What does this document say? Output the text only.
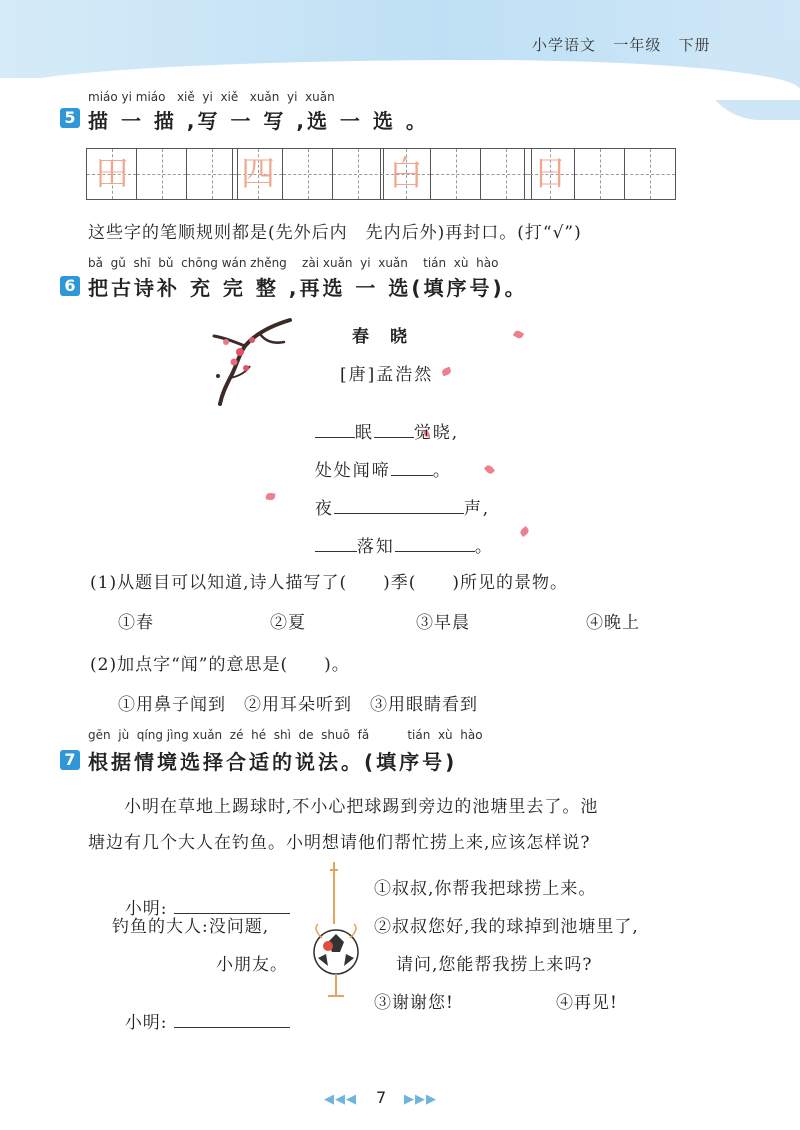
小学语文 一年级 下册
miáo yi miáo   xiě  yi  xiě   xuǎn  yi  xuǎn
5 描 一 描 ,写 一 写 ,选 一 选 。
田	四	白	日
这些字的笔顺规则都是(先外后内　先内后外)再封口。(打“√”)
bǎ  gǔ  shī  bǔ  chōng wán zhěng    zài xuǎn  yi  xuǎn    tián  xù  hào
6 把古诗补 充 完 整 ,再选 一 选(填序号)。
春　晓
[唐]孟浩然

眠 觉晓,

处处闻啼 。

夜	声,

落知	。

(1)从题目可以知道,诗人描写了(　　)季(　　)所见的景物。
①春	②夏	③早晨	④晚上
(2)加点字“闻”的意思是(　　)。
①用鼻子闻到　②用耳朵听到　③用眼睛看到
gēn  jù  qíng jìng xuǎn  zé  hé  shì  de  shuō  fǎ          tián  xù  hào
7 根据情境选择合适的说法。(填序号)
小明在草地上踢球时,不小心把球踢到旁边的池塘里去了。池
塘边有几个大人在钓鱼。小明想请他们帮忙捞上来,应该怎样说?

小明:

钓鱼的大人:没问题,
小朋友。

小明:

①叔叔,你帮我把球捞上来。
②叔叔您好,我的球掉到池塘里了,
请问,您能帮我捞上来吗?
③谢谢您!	④再见!
◀◀◀ 7 ▶▶▶
